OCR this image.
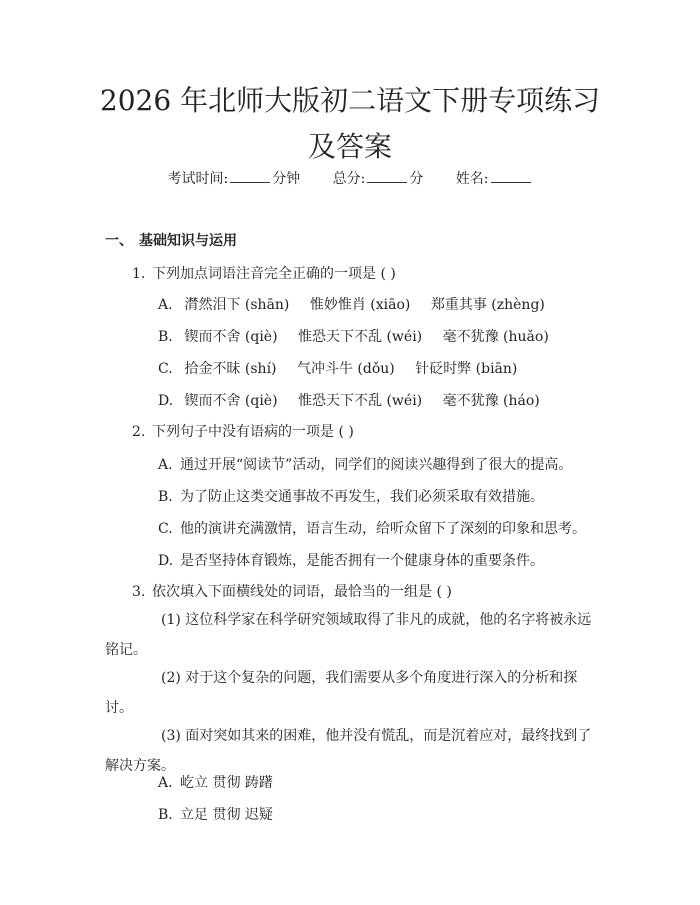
2026 年北师大版初二语文下册专项练习及答案
考试时间:	分钟 总分:	分 姓名:
一、 基础知识与运用
1. 下列加点词语注音完全正确的一项是 ( )
A. 潸然泪下 (shān) 惟妙惟肖 (xiāo) 郑重其事 (zhèng)
B. 锲而不舍 (qiè) 惟恐天下不乱 (wéi) 毫不犹豫 (huǎo)
C. 拾金不昧 (shí) 气冲斗牛 (dǒu) 针砭时弊 (biān)
D. 锲而不舍 (qiè) 惟恐天下不乱 (wéi) 毫不犹豫 (háo)
2. 下列句子中没有语病的一项是 ( )
A. 通过开展“阅读节”活动，同学们的阅读兴趣得到了很大的提高。
B. 为了防止这类交通事故不再发生，我们必须采取有效措施。
C. 他的演讲充满激情，语言生动，给听众留下了深刻的印象和思考。
D. 是否坚持体育锻炼，是能否拥有一个健康身体的重要条件。
3. 依次填入下面横线处的词语，最恰当的一组是 ( )
(1) 这位科学家在科学研究领域取得了非凡的成就，他的名字将被永远铭记。
(2) 对于这个复杂的问题，我们需要从多个角度进行深入的分析和探讨。
(3) 面对突如其来的困难，他并没有慌乱，而是沉着应对，最终找到了解决方案。
A. 屹立 贯彻 踌躇
B. 立足 贯彻 迟疑
